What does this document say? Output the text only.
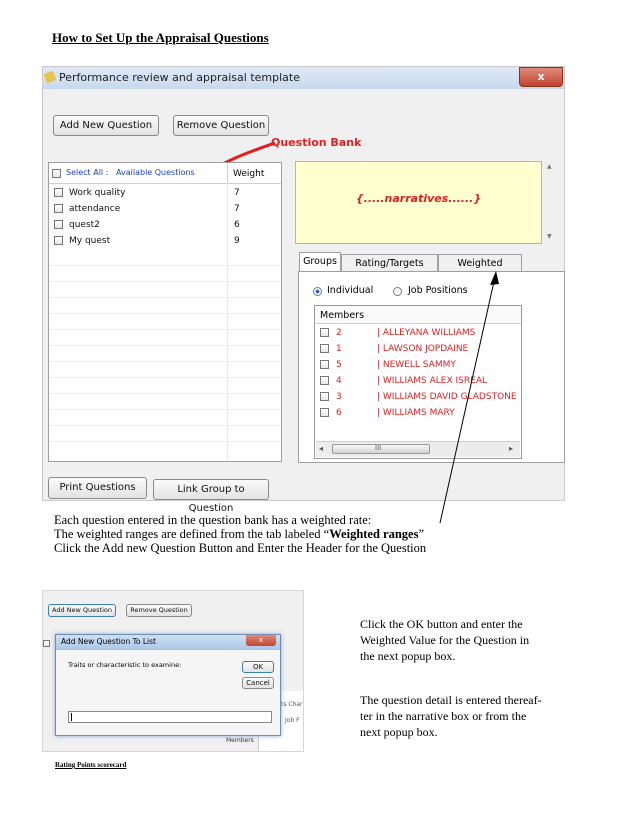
How to Set Up the Appraisal Questions
Performance review and appraisal template	x
Add New Question	Remove Question
Question Bank
Select All : Available Questions	Weight
Work quality	7
attendance	7
quest2	6
My quest	9
{.....narratives......}
▲
▼
Groups	Rating/Targets	Weighted
Individual	Job Positions
Members
2	| ALLEYANA WILLIAMS
1	| LAWSON JOPDAINE
5	| NEWELL SAMMY
4	| WILLIAMS ALEX ISREAL
3	| WILLIAMS DAVID GLADSTONE
6	| WILLIAMS MARY
◂	III	▸
Print Questions	Link Group to Question
Each question entered in the question bank has a weighted rate:
The weighted ranges are defined from the tab labeled “Weighted ranges”
Click the Add new Question Button and Enter the Header for the Question
Add New Question	Remove Question
ts Char
Job F
Members
Add New Question To List	x
Traits or characteristic to examine:	OK
Cancel
Click the OK button and enter the
Weighted Value for the Question in
the next popup box.
The question detail is entered thereaf-
ter in the narrative box or from the
next popup box.
Rating Points scorecard
